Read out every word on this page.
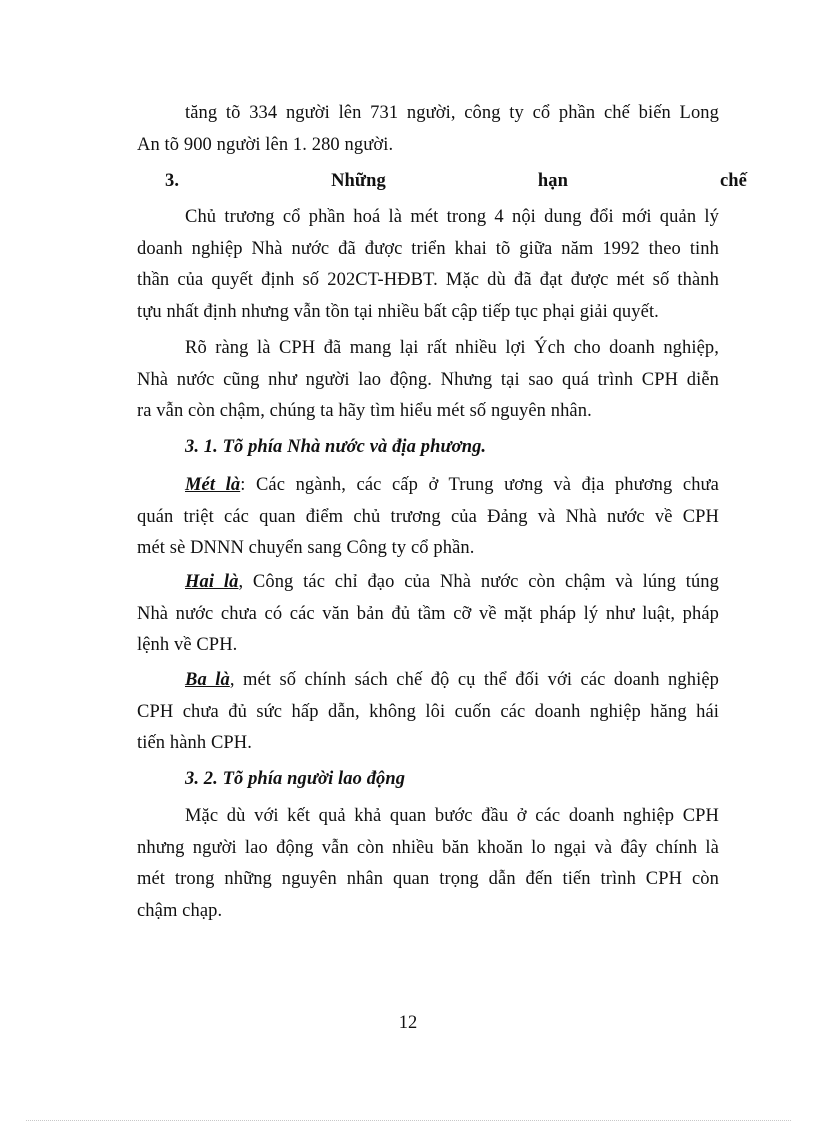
tăng tõ 334 người lên 731 người, công ty cổ phần chế biến Long

An tõ 900 người lên 1. 280 người.

3.	Những	hạn	chế

Chủ trương cổ phần hoá là mét trong 4 nội dung đổi mới quản lý

doanh nghiệp Nhà nước đã được triển khai tõ giữa năm 1992 theo tinh

thần của quyết định số 202CT-HĐBT. Mặc dù đã đạt được mét số thành

tựu nhất định nhưng vẫn tồn tại nhiều bất cập tiếp tục phại giải quyết.

Rõ ràng là CPH đã mang lại rất nhiều lợi Ých cho doanh nghiệp,

Nhà nước cũng như người lao động. Nhưng tại sao quá trình CPH diễn

ra vẫn còn chậm, chúng ta hãy tìm hiểu mét số nguyên nhân.

3. 1. Tõ phía Nhà nước và địa phương.

Mét là: Các ngành, các cấp ở Trung ương và địa phương chưa

quán triệt các quan điểm chủ trương của Đảng và Nhà nước về CPH

mét sè DNNN chuyển sang Công ty cổ phần.

Hai là, Công tác chỉ đạo của Nhà nước còn chậm và lúng túng

Nhà nước chưa có các văn bản đủ tầm cỡ về mặt pháp lý như luật, pháp

lệnh về CPH.

Ba là, mét số chính sách chế độ cụ thể đối với các doanh nghiệp

CPH chưa đủ sức hấp dẫn, không lôi cuốn các doanh nghiệp hăng hái

tiến hành CPH.

3. 2. Tõ phía người lao động

Mặc dù với kết quả khả quan bước đầu ở các doanh nghiệp CPH

nhưng người lao động vẫn còn nhiều băn khoăn lo ngại và đây chính là

mét trong những nguyên nhân quan trọng dẫn đến tiến trình CPH còn

chậm chạp.

12
